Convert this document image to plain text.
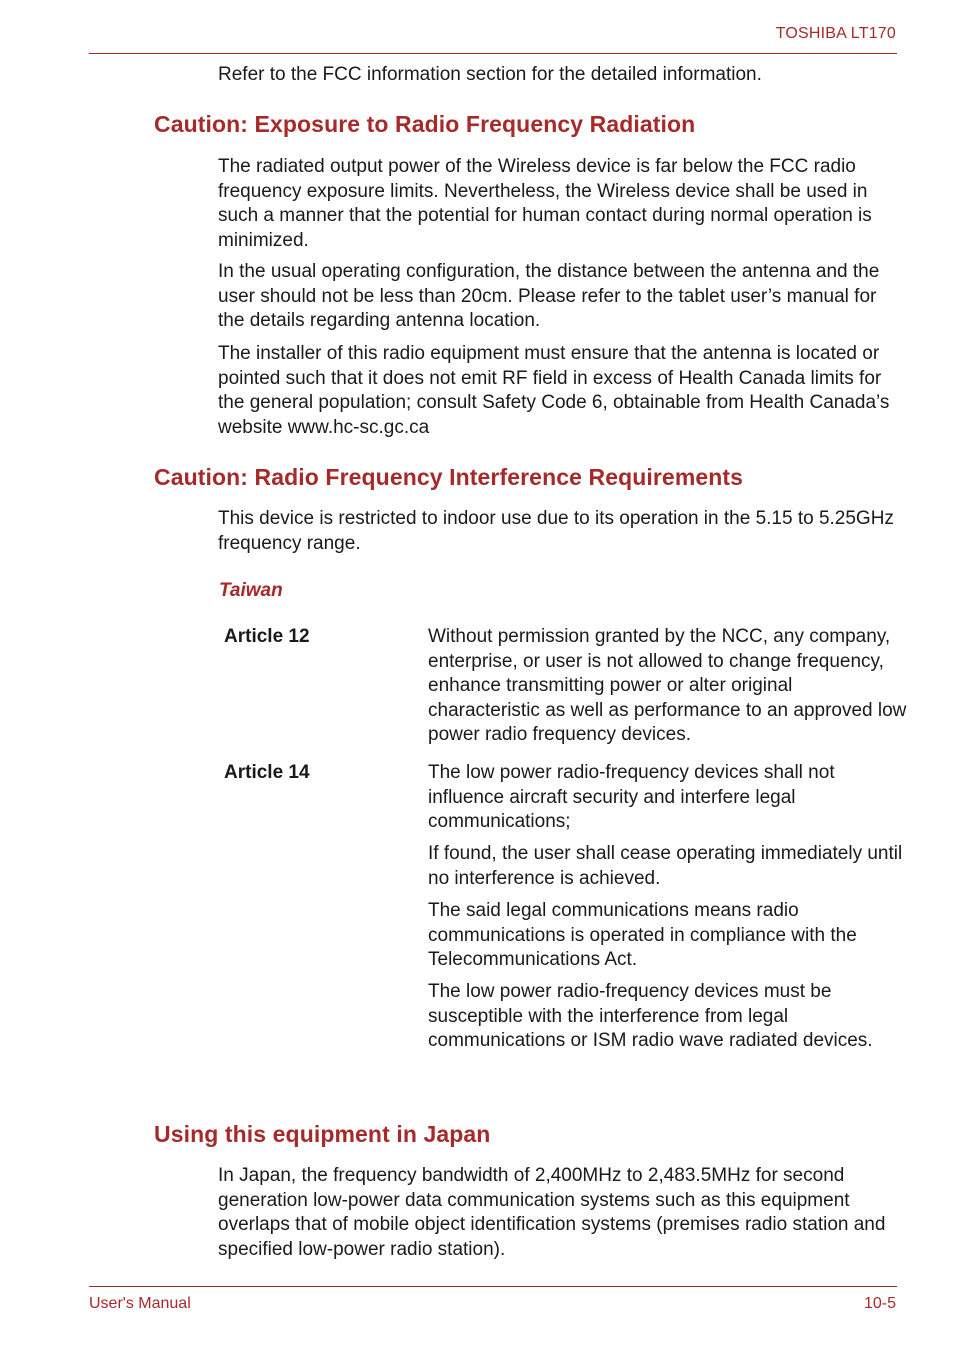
TOSHIBA LT170

Refer to the FCC information section for the detailed information.

Caution: Exposure to Radio Frequency Radiation

The radiated output power of the Wireless device is far below the FCC radio frequency exposure limits. Nevertheless, the Wireless device shall be used in such a manner that the potential for human contact during normal operation is minimized.

In the usual operating configuration, the distance between the antenna and the user should not be less than 20cm. Please refer to the tablet user’s manual for the details regarding antenna location.

The installer of this radio equipment must ensure that the antenna is located or pointed such that it does not emit RF field in excess of Health Canada limits for the general population; consult Safety Code 6, obtainable from Health Canada’s website www.hc-sc.gc.ca

Caution: Radio Frequency Interference Requirements

This device is restricted to indoor use due to its operation in the 5.15 to 5.25GHz frequency range.

Taiwan
Article 12	Without permission granted by the NCC, any company, enterprise, or user is not allowed to change frequency, enhance transmitting power or alter original characteristic as well as performance to an approved low power radio frequency devices.

Article 14	The low power radio-frequency devices shall not influence aircraft security and interfere legal communications;

If found, the user shall cease operating immediately until no interference is achieved.

The said legal communications means radio communications is operated in compliance with the Telecommunications Act.

The low power radio-frequency devices must be susceptible with the interference from legal communications or ISM radio wave radiated devices.

Using this equipment in Japan

In Japan, the frequency bandwidth of 2,400MHz to 2,483.5MHz for second generation low-power data communication systems such as this equipment overlaps that of mobile object identification systems (premises radio station and specified low-power radio station).

User's Manual	10-5
